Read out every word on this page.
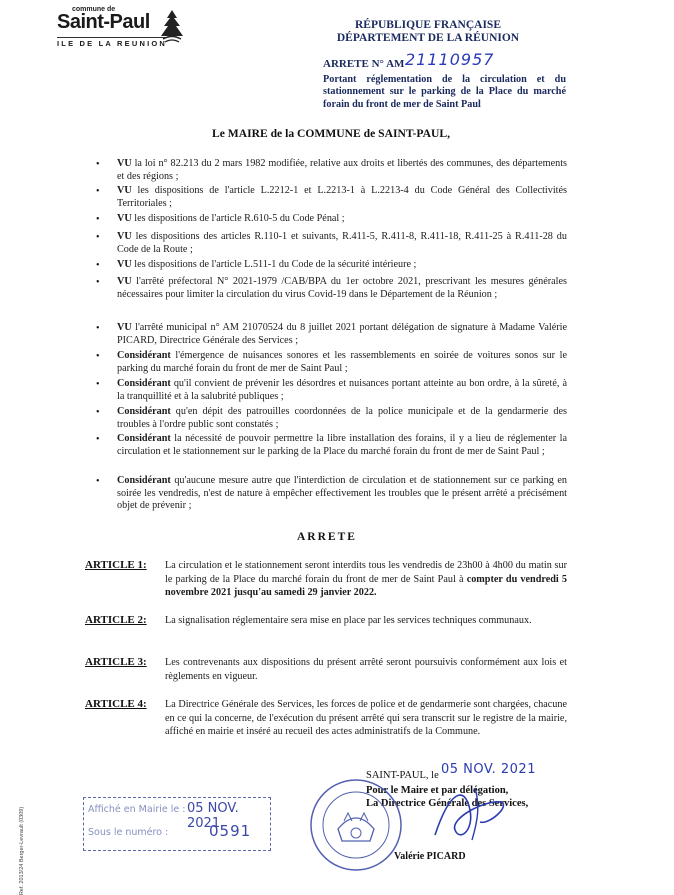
commune de
Saint-Paul
ILE DE LA REUNION
RÉPUBLIQUE FRANÇAISE
DÉPARTEMENT DE LA RÉUNION
ARRETE N° AM 21110957
Portant réglementation de la circulation et du stationnement sur le parking de la Place du marché forain du front de mer de Saint Paul
Le MAIRE de la COMMUNE de SAINT-PAUL,
• VU la loi n° 82.213 du 2 mars 1982 modifiée, relative aux droits et libertés des communes, des départements et des régions ;
• VU les dispositions de l'article L.2212-1 et L.2213-1 à L.2213-4 du Code Général des Collectivités Territoriales ;
• VU les dispositions de l'article R.610-5 du Code Pénal ;
• VU les dispositions des articles R.110-1 et suivants, R.411-5, R.411-8, R.411-18, R.411-25 à R.411-28 du Code de la Route ;
• VU les dispositions de l'article L.511-1 du Code de la sécurité intérieure ;
• VU l'arrêté préfectoral N° 2021-1979 /CAB/BPA du 1er octobre 2021, prescrivant les mesures générales nécessaires pour limiter la circulation du virus Covid-19 dans le Département de la Réunion ;
• VU l'arrêté municipal n° AM 21070524 du 8 juillet 2021 portant délégation de signature à Madame Valérie PICARD, Directrice Générale des Services ;
• Considérant l'émergence de nuisances sonores et les rassemblements en soirée de voitures sonos sur le parking du marché forain du front de mer de Saint Paul ;
• Considérant qu'il convient de prévenir les désordres et nuisances portant atteinte au bon ordre, à la sûreté, à la tranquillité et à la salubrité publiques ;
• Considérant qu'en dépit des patrouilles coordonnées de la police municipale et de la gendarmerie des troubles à l'ordre public sont constatés ;
• Considérant la nécessité de pouvoir permettre la libre installation des forains, il y a lieu de réglementer la circulation et le stationnement sur le parking de la Place du marché forain du front de mer de Saint Paul ;
• Considérant qu'aucune mesure autre que l'interdiction de circulation et de stationnement sur ce parking en soirée les vendredis, n'est de nature à empêcher effectivement les troubles que le présent arrêté a précisément objet de prévenir ;
ARRETE
ARTICLE 1: La circulation et le stationnement seront interdits tous les vendredis de 23h00 à 4h00 du matin sur le parking de la Place du marché forain du front de mer de Saint Paul à compter du vendredi 5 novembre 2021 jusqu'au samedi 29 janvier 2022.
ARTICLE 2: La signalisation réglementaire sera mise en place par les services techniques communaux.
ARTICLE 3: Les contrevenants aux dispositions du présent arrêté seront poursuivis conformément aux lois et règlements en vigueur.
ARTICLE 4: La Directrice Générale des Services, les forces de police et de gendarmerie sont chargées, chacune en ce qui la concerne, de l'exécution du présent arrêté qui sera transcrit sur le registre de la mairie, affiché en mairie et inséré au recueil des actes administratifs de la Commune.
SAINT-PAUL, le 05 NOV. 2021
Pour le Maire et par délégation,
La Directrice Générale des Services,
Valérie PICARD
Affiché en Mairie le : 05 NOV. 2021
Sous le numéro :	0591
Ref. 2013/24 Berger-Levrault (0309)
